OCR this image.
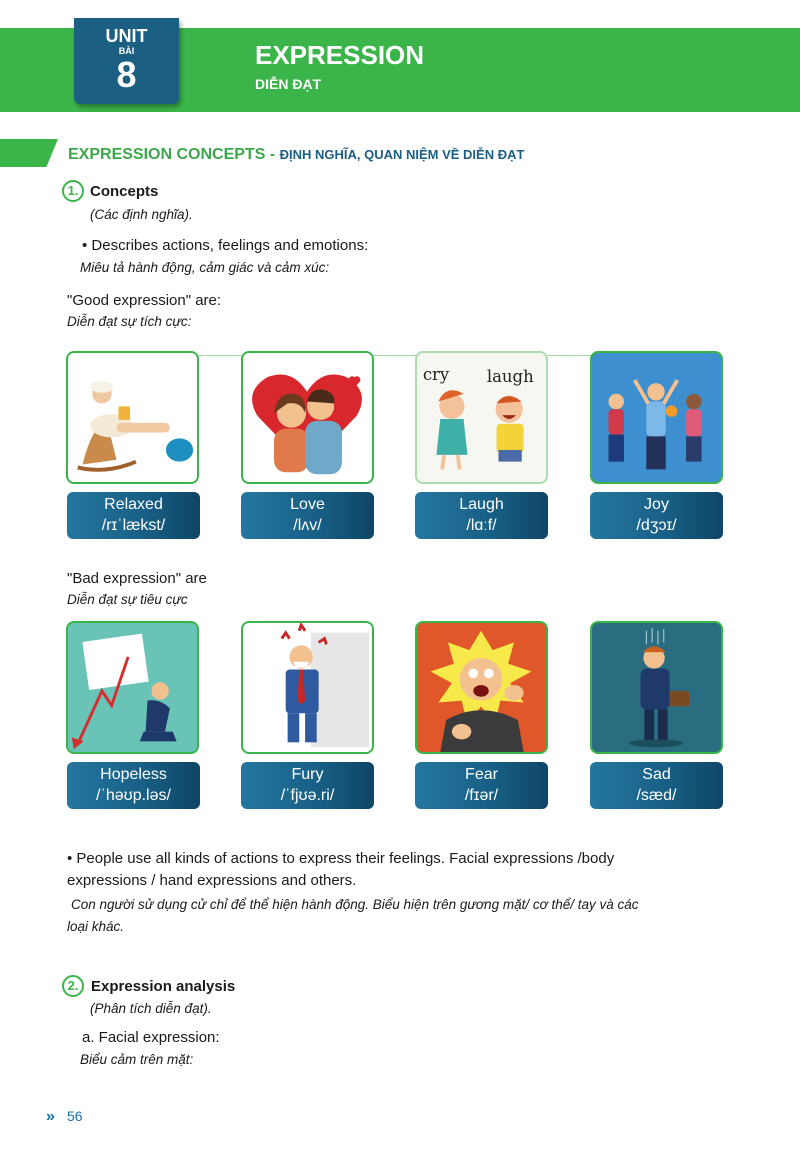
UNIT
BÀI
8	EXPRESSION
DIỄN ĐẠT
EXPRESSION CONCEPTS - ĐỊNH NGHĨA, QUAN NIỆM VỀ DIỄN ĐẠT
1. Concepts
(Các định nghĩa).
• Describes actions, feelings and emotions:
Miêu tả hành động, cảm giác và cảm xúc:
"Good expression" are:
Diễn đạt sự tích cực:
cry laugh
Relaxed
/rɪˈlækst/
Love
/lʌv/
Laugh
/lɑːf/
Joy
/dʒɔɪ/
"Bad expression" are
Diễn đạt sự tiêu cực
Hopeless
/ˈhəʊp.ləs/
Fury
/ˈfjʊə.ri/
Fear
/fɪər/
Sad
/sæd/
• People use all kinds of actions to express their feelings. Facial expressions /body
expressions / hand expressions and others.
Con người sử dụng cử chỉ để thể hiện hành động. Biểu hiện trên gương mặt/ cơ thể/ tay và các
loại khác.
2. Expression analysis
(Phân tích diễn đạt).
a. Facial expression:
Biểu cảm trên mặt:
» 56
